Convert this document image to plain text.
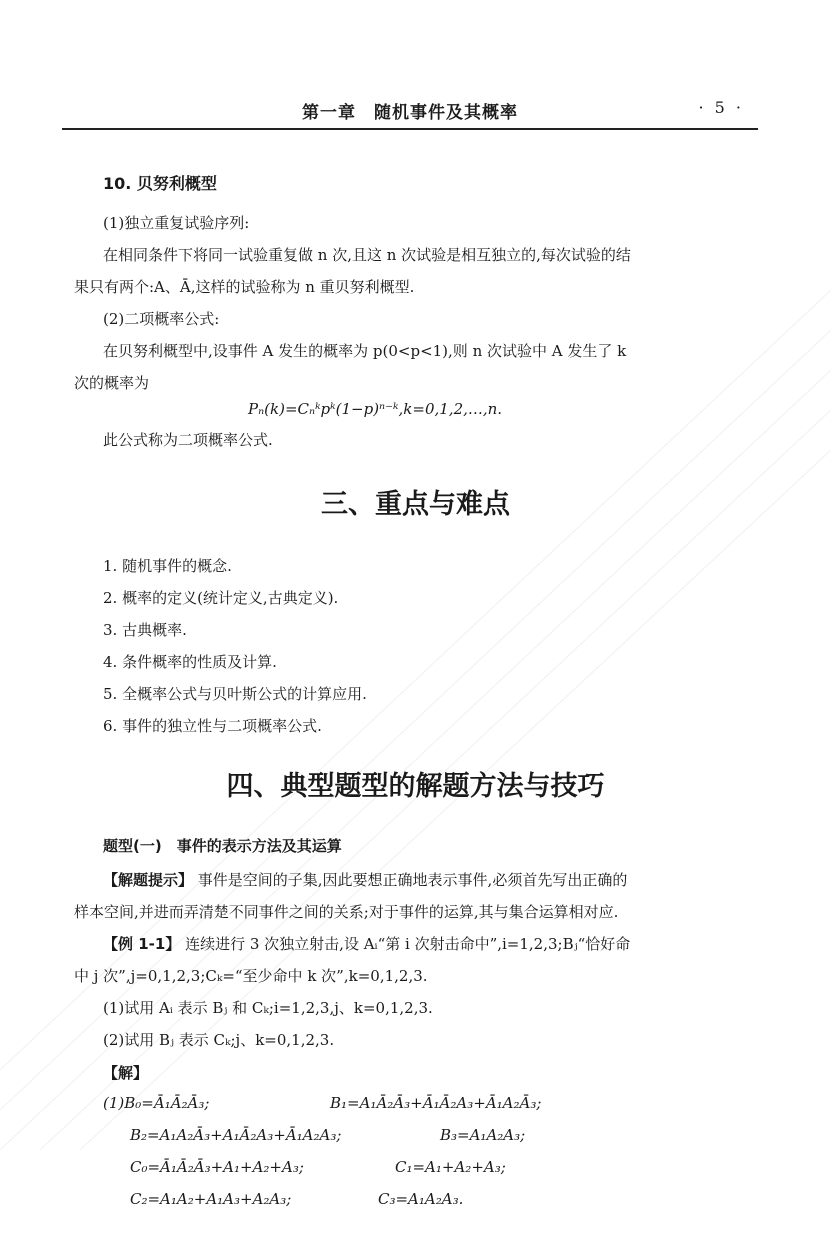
第一章　随机事件及其概率	· 5 ·
10. 贝努利概型
(1)独立重复试验序列:
在相同条件下将同一试验重复做 n 次,且这 n 次试验是相互独立的,每次试验的结
果只有两个:A、Ā,这样的试验称为 n 重贝努利概型.
(2)二项概率公式:
在贝努利概型中,设事件 A 发生的概率为 p(0<p<1),则 n 次试验中 A 发生了 k
次的概率为
Pₙ(k)=Cₙᵏpᵏ(1−p)ⁿ⁻ᵏ,k=0,1,2,…,n.
此公式称为二项概率公式.
三、重点与难点
1. 随机事件的概念.
2. 概率的定义(统计定义,古典定义).
3. 古典概率.
4. 条件概率的性质及计算.
5. 全概率公式与贝叶斯公式的计算应用.
6. 事件的独立性与二项概率公式.
四、典型题型的解题方法与技巧
题型(一)　事件的表示方法及其运算
【解题提示】 事件是空间的子集,因此要想正确地表示事件,必须首先写出正确的
样本空间,并进而弄清楚不同事件之间的关系;对于事件的运算,其与集合运算相对应.
【例 1-1】 连续进行 3 次独立射击,设 Aᵢ“第 i 次射击命中”,i=1,2,3;Bⱼ“恰好命
中 j 次”,j=0,1,2,3;Cₖ=“至少命中 k 次”,k=0,1,2,3.
(1)试用 Aᵢ 表示 Bⱼ 和 Cₖ;i=1,2,3,j、k=0,1,2,3.
(2)试用 Bⱼ 表示 Cₖ;j、k=0,1,2,3.
【解】
(1)B₀=Ā₁Ā₂Ā₃;	B₁=A₁Ā₂Ā₃+Ā₁Ā₂A₃+Ā₁A₂Ā₃;
B₂=A₁A₂Ā₃+A₁Ā₂A₃+Ā₁A₂A₃;	B₃=A₁A₂A₃;
C₀=Ā₁Ā₂Ā₃+A₁+A₂+A₃;	C₁=A₁+A₂+A₃;
C₂=A₁A₂+A₁A₃+A₂A₃;	C₃=A₁A₂A₃.
